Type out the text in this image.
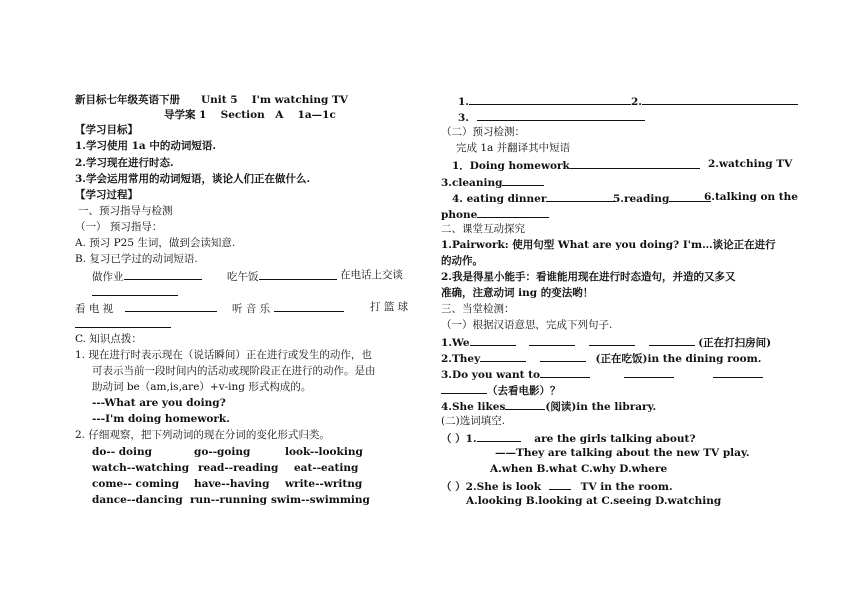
新目标七年级英语下册　　Unit 5　 I'm watching TV
导学案 1　 Section　A　 1a—1c
【学习目标】
1.学习使用 1a 中的动词短语.
2.学习现在进行时态.
3.学会运用常用的动词短语，谈论人们正在做什么.
【学习过程】
一、预习指导与检测
（一） 预习指导：
A. 预习 P25 生词，做到会读知意.
B. 复习已学过的动词短语.
做作业	吃午饭	在电话上交谈
看 电 视	听 音 乐	打 篮 球
C. 知识点拨：
1. 现在进行时表示现在（说话瞬间）正在进行或发生的动作，也
可表示当前一段时间内的活动或现阶段正在进行的动作。是由
助动词 be（am,is,are）+v-ing 形式构成的。
---What are you doing?
---I'm doing homework.
2. 仔细观察，把下列动词的现在分词的变化形式归类。
do-- doing	go--going	look--looking
watch--watching read--reading eat--eating
come-- coming have--having write--writng
dance--dancing run--running swim--swimming
1.	2.
3.
（二）预习检测：
完成 1a 并翻译其中短语
1．Doing homework	2.watching TV
3.cleaning
4. eating dinner	5.reading	6.talking on the
phone
二、课堂互动探究
1.Pairwork: 使用句型 What are you doing? I'm…谈论正在进行
的动作。
2.我是得星小能手：看谁能用现在进行时态造句，并造的又多又
准确，注意动词 ing 的变法哟！
三、当堂检测：
（一）根据汉语意思，完成下列句子.
1.We	(正在打扫房间)
2.They	(正在吃饭)in the dining room.
3.Do you want to
（去看电影）？
4.She likes	(阅读)in the library.
(二)选词填空.
（ ）1.	are the girls talking about?
——They are talking about the new TV play.
A.when B.what C.why D.where
（ ）2.She is look	TV in the room.
A.looking B.looking at C.seeing D.watching
